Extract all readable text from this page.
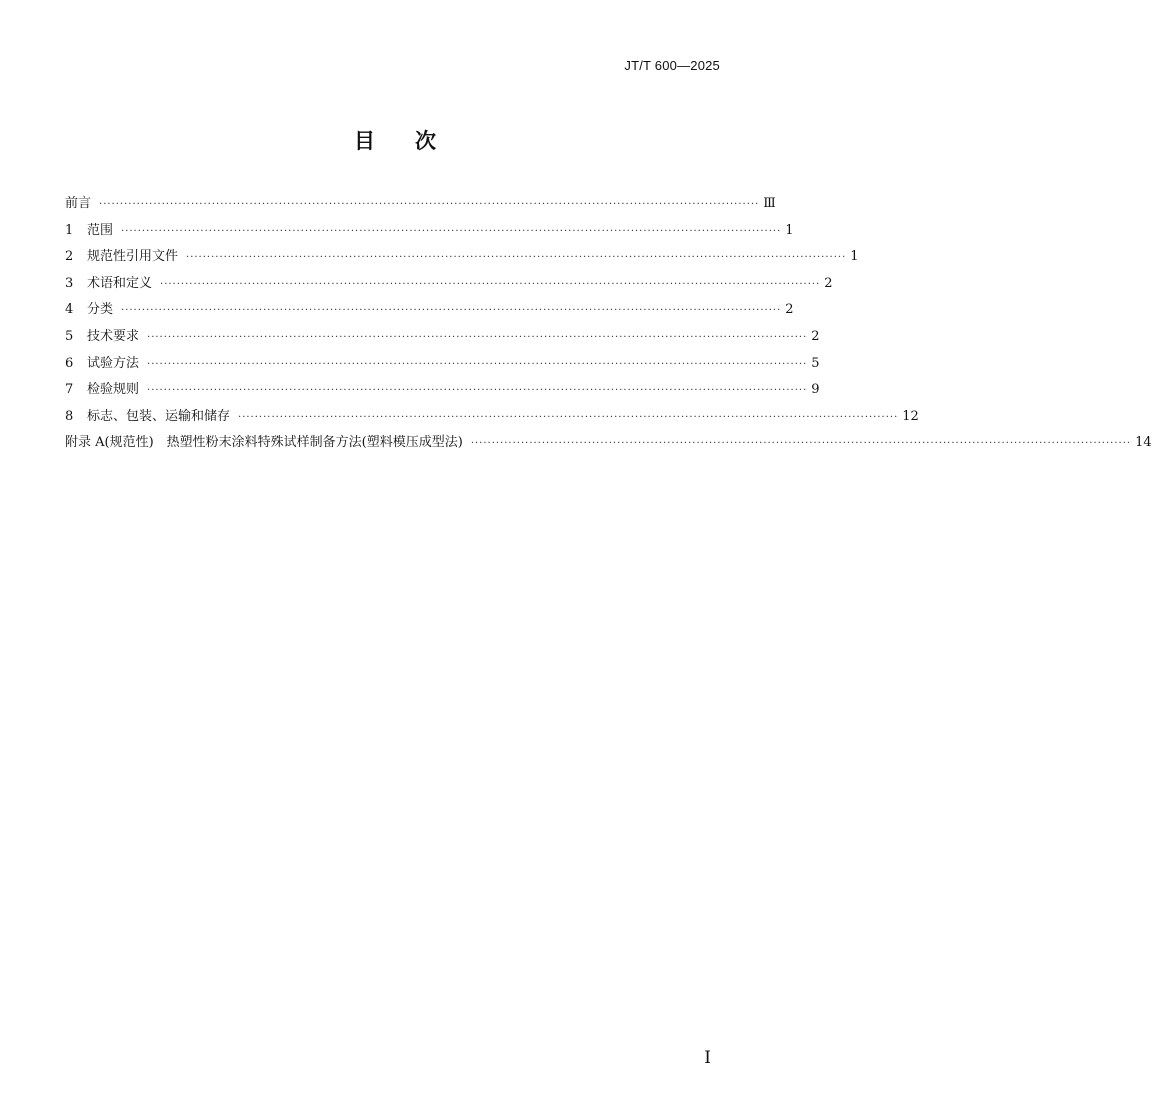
JT/T 600—2025
目次
前言 ······························································································································································ Ⅲ
1	范围 ······························································································································································ 1
2	规范性引用文件 ······························································································································································ 1
3	术语和定义 ······························································································································································ 2
4	分类 ······························································································································································ 2
5	技术要求 ······························································································································································ 2
6	试验方法 ······························································································································································ 5
7	检验规则 ······························································································································································ 9
8	标志、包装、运输和储存 ······························································································································································ 12
附录 A(规范性)　热塑性粉末涂料特殊试样制备方法(塑料模压成型法) ······························································································································································ 14
I
